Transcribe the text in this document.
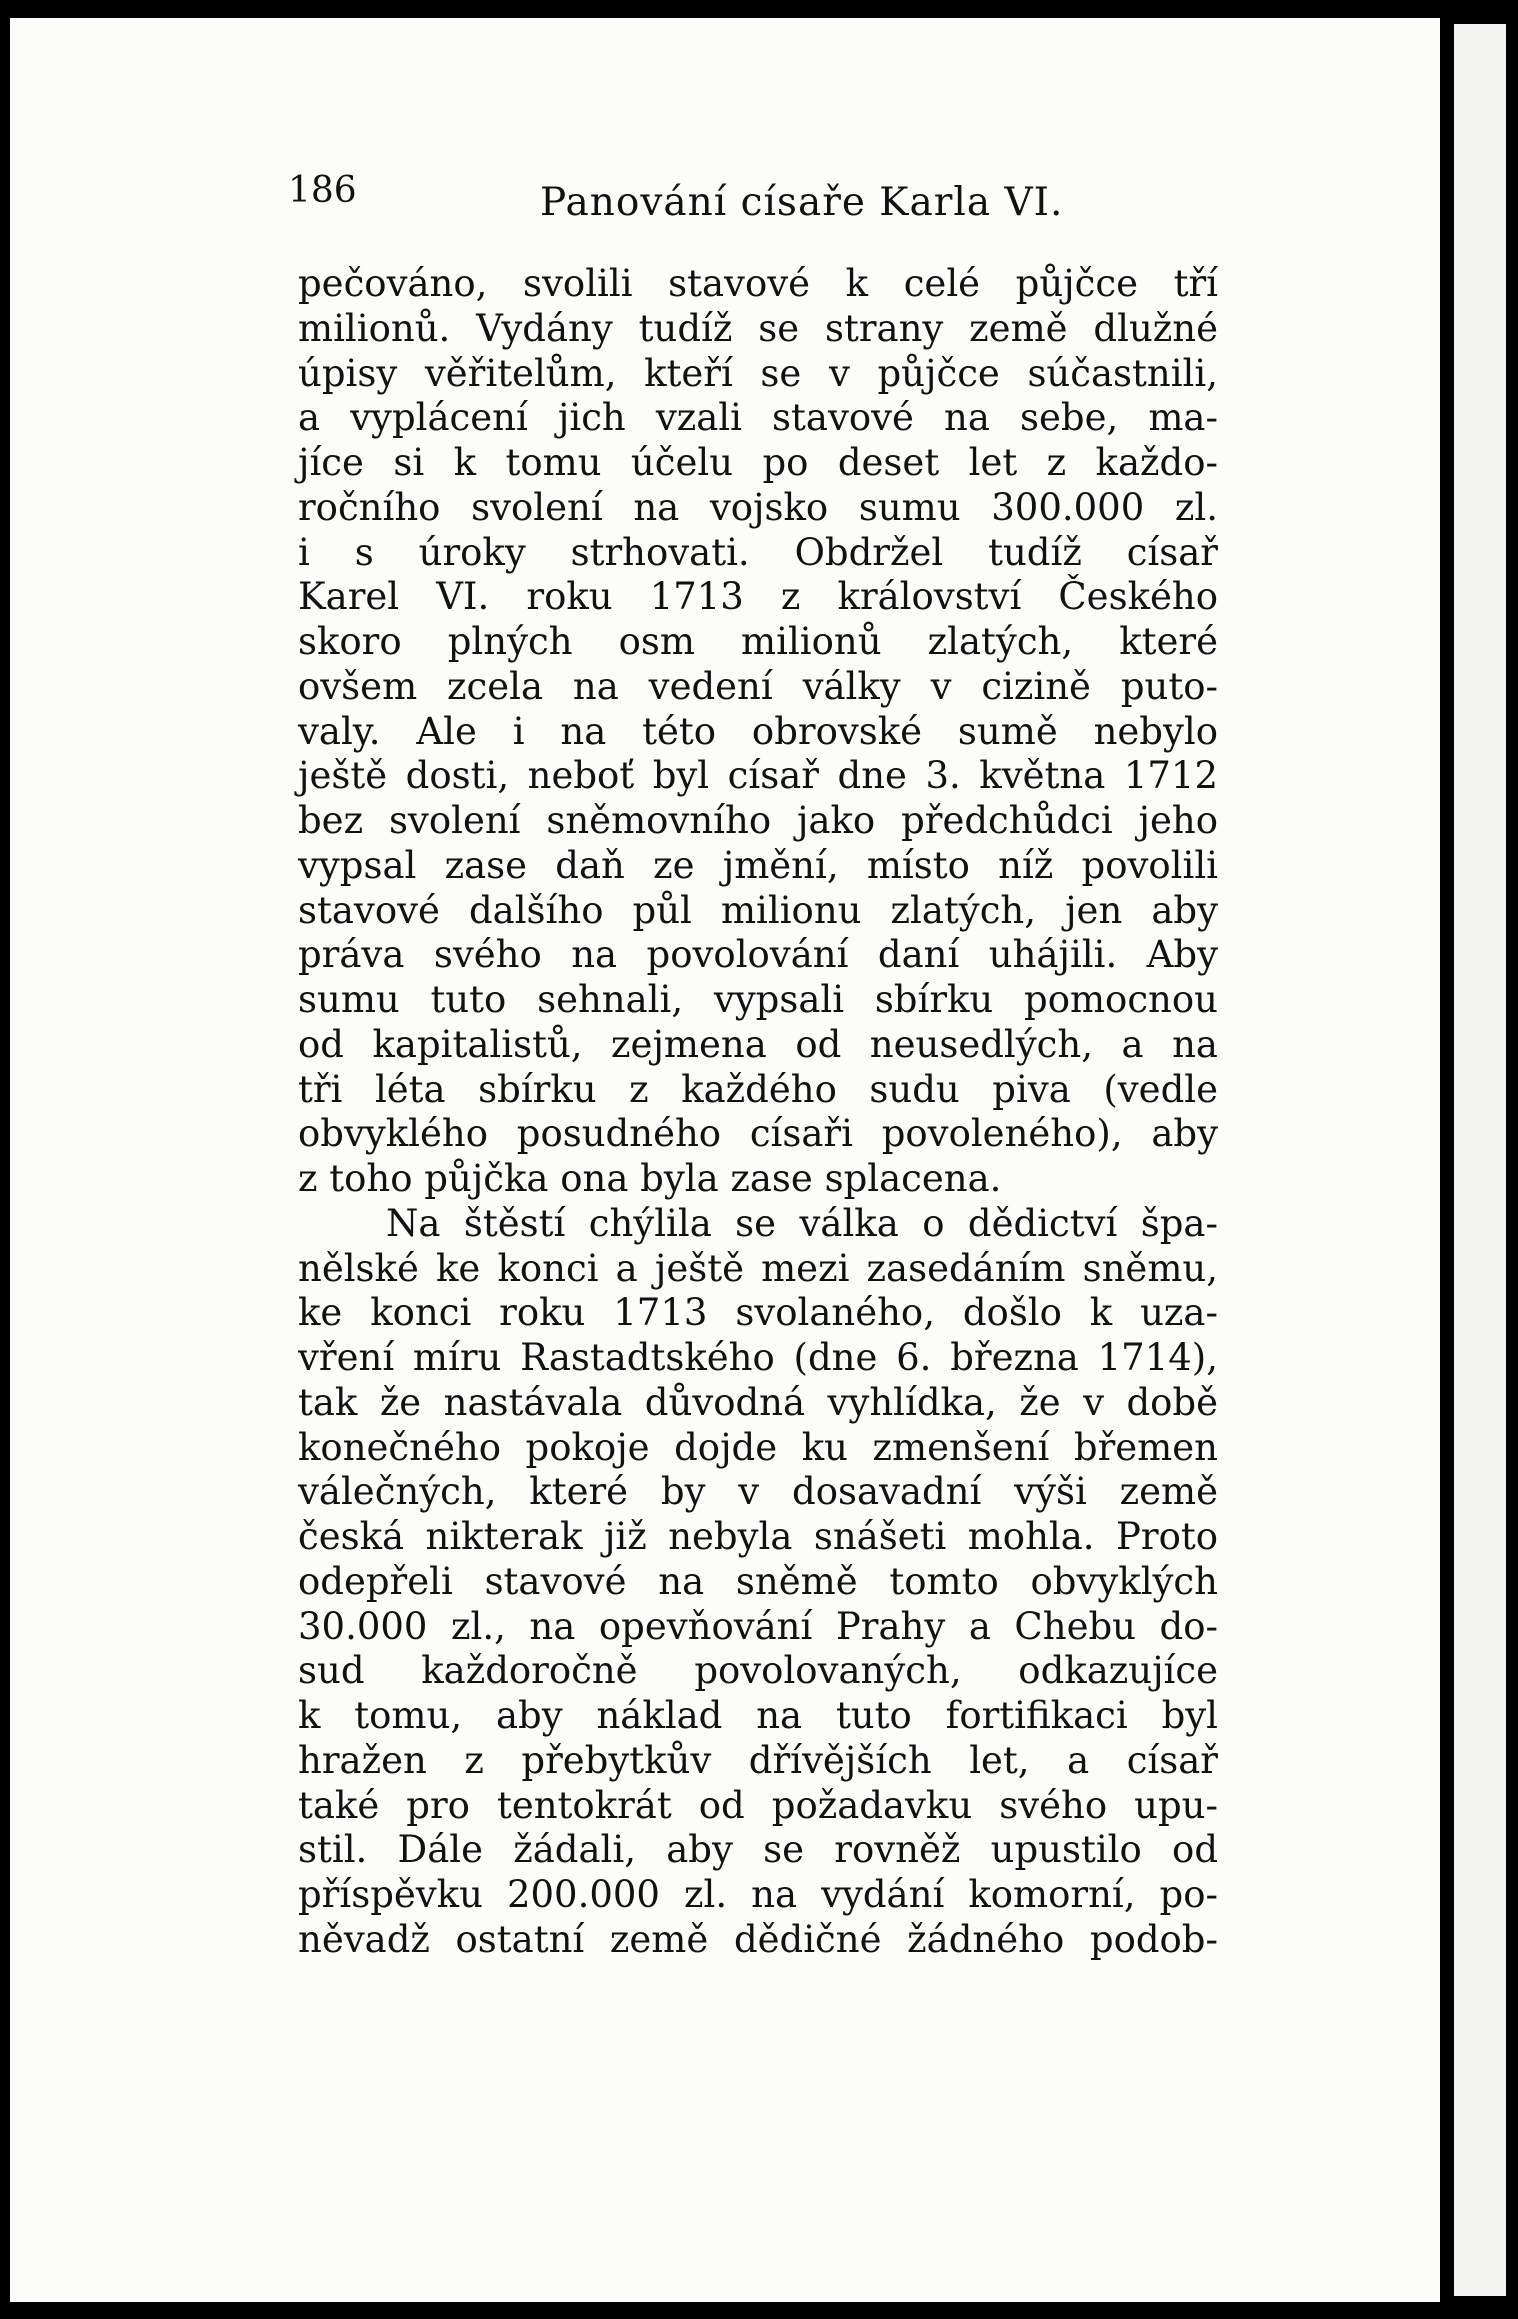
186	Panování císaře Karla VI.
pečováno, svolili stavové k celé půjčce tří
milionů. Vydány tudíž se strany země dlužné
úpisy věřitelům, kteří se v půjčce súčastnili,
a vyplácení jich vzali stavové na sebe, ma-
jíce si k tomu účelu po deset let z každo-
ročního svolení na vojsko sumu 300.000 zl.
i s úroky strhovati. Obdržel tudíž císař
Karel VI. roku 1713 z království Českého
skoro plných osm milionů zlatých, které
ovšem zcela na vedení války v cizině puto-
valy. Ale i na této obrovské sumě nebylo
ještě dosti, neboť byl císař dne 3. května 1712
bez svolení sněmovního jako předchůdci jeho
vypsal zase daň ze jmění, místo níž povolili
stavové dalšího půl milionu zlatých, jen aby
práva svého na povolování daní uhájili. Aby
sumu tuto sehnali, vypsali sbírku pomocnou
od kapitalistů, zejmena od neusedlých, a na
tři léta sbírku z každého sudu piva (vedle
obvyklého posudného císaři povoleného), aby
z toho půjčka ona byla zase splacena.
Na štěstí chýlila se válka o dědictví špa-
nělské ke konci a ještě mezi zasedáním sněmu,
ke konci roku 1713 svolaného, došlo k uza-
vření míru Rastadtského (dne 6. března 1714),
tak že nastávala důvodná vyhlídka, že v době
konečného pokoje dojde ku zmenšení břemen
válečných, které by v dosavadní výši země
česká nikterak již nebyla snášeti mohla. Proto
odepřeli stavové na sněmě tomto obvyklých
30.000 zl., na opevňování Prahy a Chebu do-
sud každoročně povolovaných, odkazujíce
k tomu, aby náklad na tuto fortifikaci byl
hražen z přebytkův dřívějších let, a císař
také pro tentokrát od požadavku svého upu-
stil. Dále žádali, aby se rovněž upustilo od
příspěvku 200.000 zl. na vydání komorní, po-
něvadž ostatní země dědičné žádného podob-
